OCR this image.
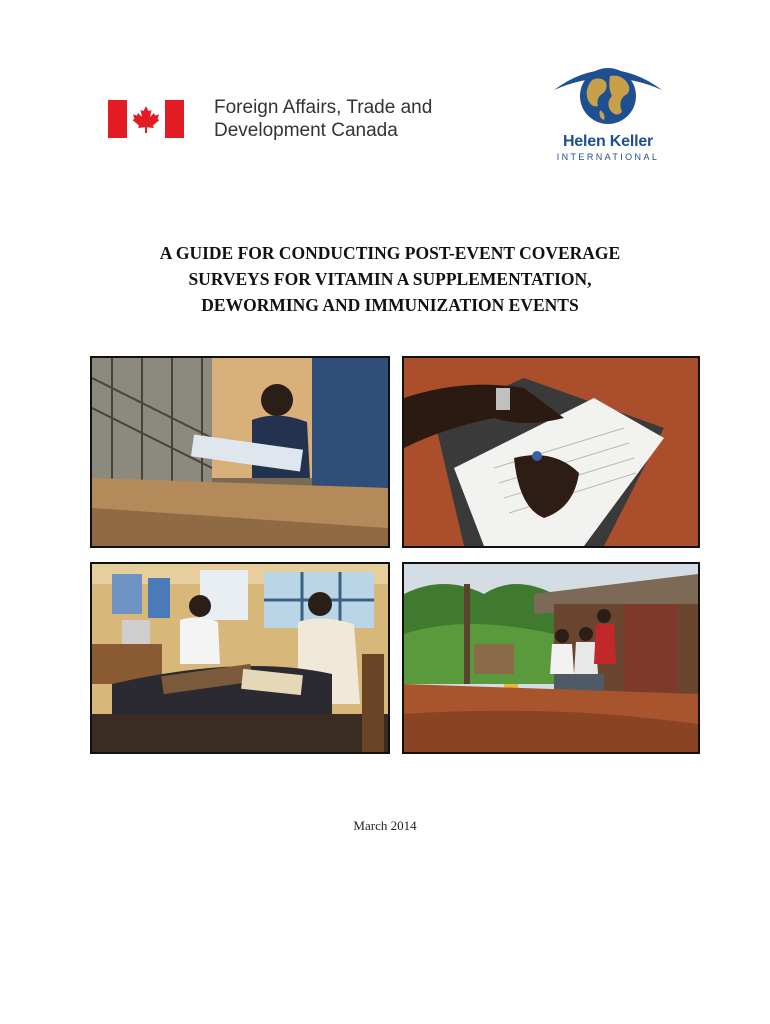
Foreign Affairs, Trade and
Development Canada
Helen Keller
INTERNATIONAL
A GUIDE FOR CONDUCTING POST-EVENT COVERAGE
SURVEYS FOR VITAMIN A SUPPLEMENTATION,
DEWORMING AND IMMUNIZATION EVENTS
March 2014
